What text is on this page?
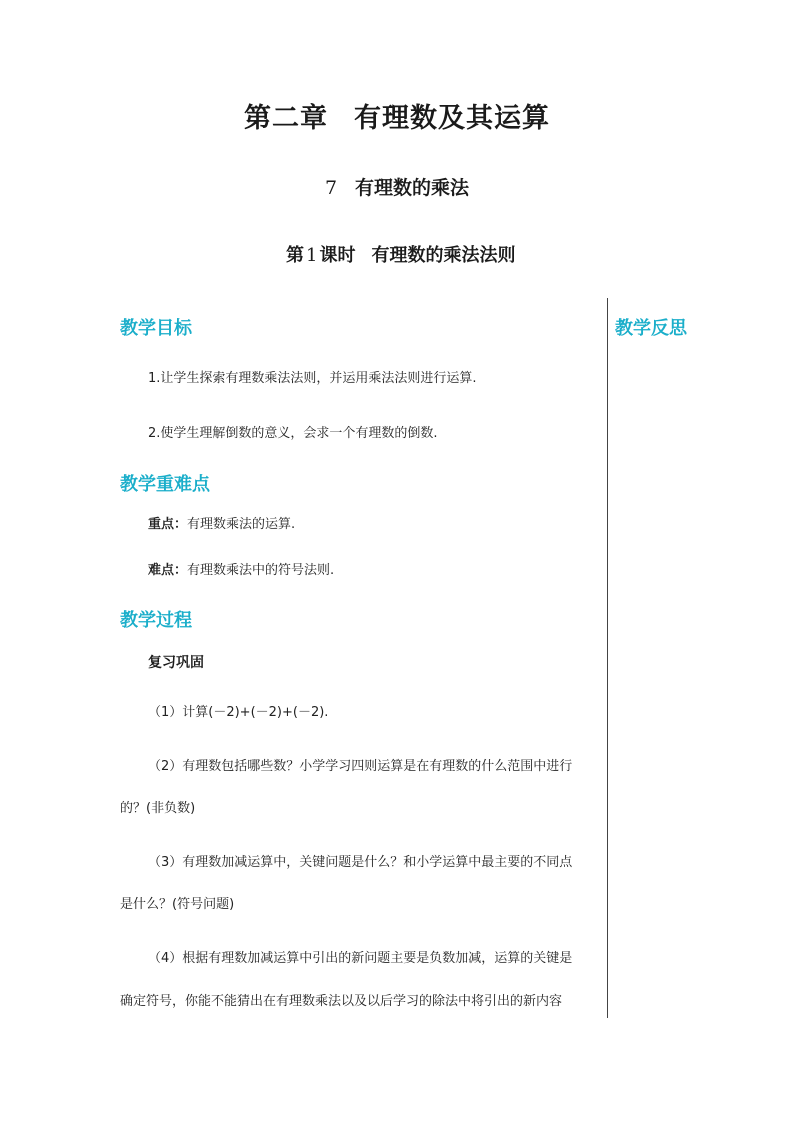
第二章 有理数及其运算
7 有理数的乘法
第 1 课时 有理数的乘法法则
教学反思
教学目标
1.让学生探索有理数乘法法则，并运用乘法法则进行运算.
2.使学生理解倒数的意义，会求一个有理数的倒数.
教学重难点
重点：有理数乘法的运算.
难点：有理数乘法中的符号法则.
教学过程
复习巩固
（1）计算(－2)+(－2)+(－2).
（2）有理数包括哪些数？小学学习四则运算是在有理数的什么范围中进行
的？(非负数)
（3）有理数加减运算中，关键问题是什么？和小学运算中最主要的不同点
是什么？(符号问题)
（4）根据有理数加减运算中引出的新问题主要是负数加减，运算的关键是
确定符号，你能不能猜出在有理数乘法以及以后学习的除法中将引出的新内容
